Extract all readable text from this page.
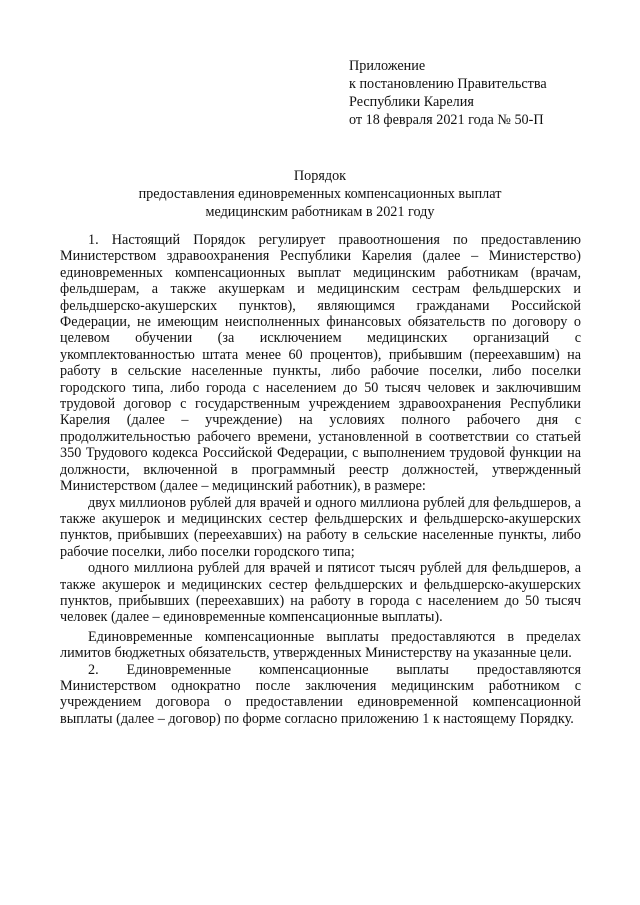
Приложение
к постановлению Правительства
Республики Карелия
от 18 февраля 2021 года № 50-П
Порядок
предоставления единовременных компенсационных выплат
медицинским работникам в 2021 году

1. Настоящий Порядок регулирует правоотношения по предоставлению Министерством здравоохранения Республики Карелия (далее – Министерство) единовременных компенсационных выплат медицинским работникам (врачам, фельдшерам, а также акушеркам и медицинским сестрам фельдшерских и фельдшерско-акушерских пунктов), являющимся гражданами Российской Федерации, не имеющим неисполненных финансовых обязательств по договору о целевом обучении (за исключением медицинских организаций с укомплектованностью штата менее 60 процентов), прибывшим (переехавшим) на работу в сельские населенные пункты, либо рабочие поселки, либо поселки городского типа, либо города с населением до 50 тысяч человек и заключившим трудовой договор с государственным учреждением здравоохранения Республики Карелия (далее – учреждение) на условиях полного рабочего дня с продолжительностью рабочего времени, установленной в соответствии со статьей 350 Трудового кодекса Российской Федерации, с выполнением трудовой функции на должности, включенной в программный реестр должностей, утвержденный Министерством (далее – медицинский работник), в размере:

двух миллионов рублей для врачей и одного миллиона рублей для фельдшеров, а также акушерок и медицинских сестер фельдшерских и фельдшерско-акушерских пунктов, прибывших (переехавших) на работу в сельские населенные пункты, либо рабочие поселки, либо поселки городского типа;

одного миллиона рублей для врачей и пятисот тысяч рублей для фельдшеров, а также акушерок и медицинских сестер фельдшерских и фельдшерско-акушерских пунктов, прибывших (переехавших) на работу в города с населением до 50 тысяч человек (далее – единовременные компенсационные выплаты).

Единовременные компенсационные выплаты предоставляются в пределах лимитов бюджетных обязательств, утвержденных Министерству на указанные цели.

2. Единовременные компенсационные выплаты предоставляются Министерством однократно после заключения медицинским работником с учреждением договора о предоставлении единовременной компенсационной выплаты (далее – договор) по форме согласно приложению 1 к настоящему Порядку.
